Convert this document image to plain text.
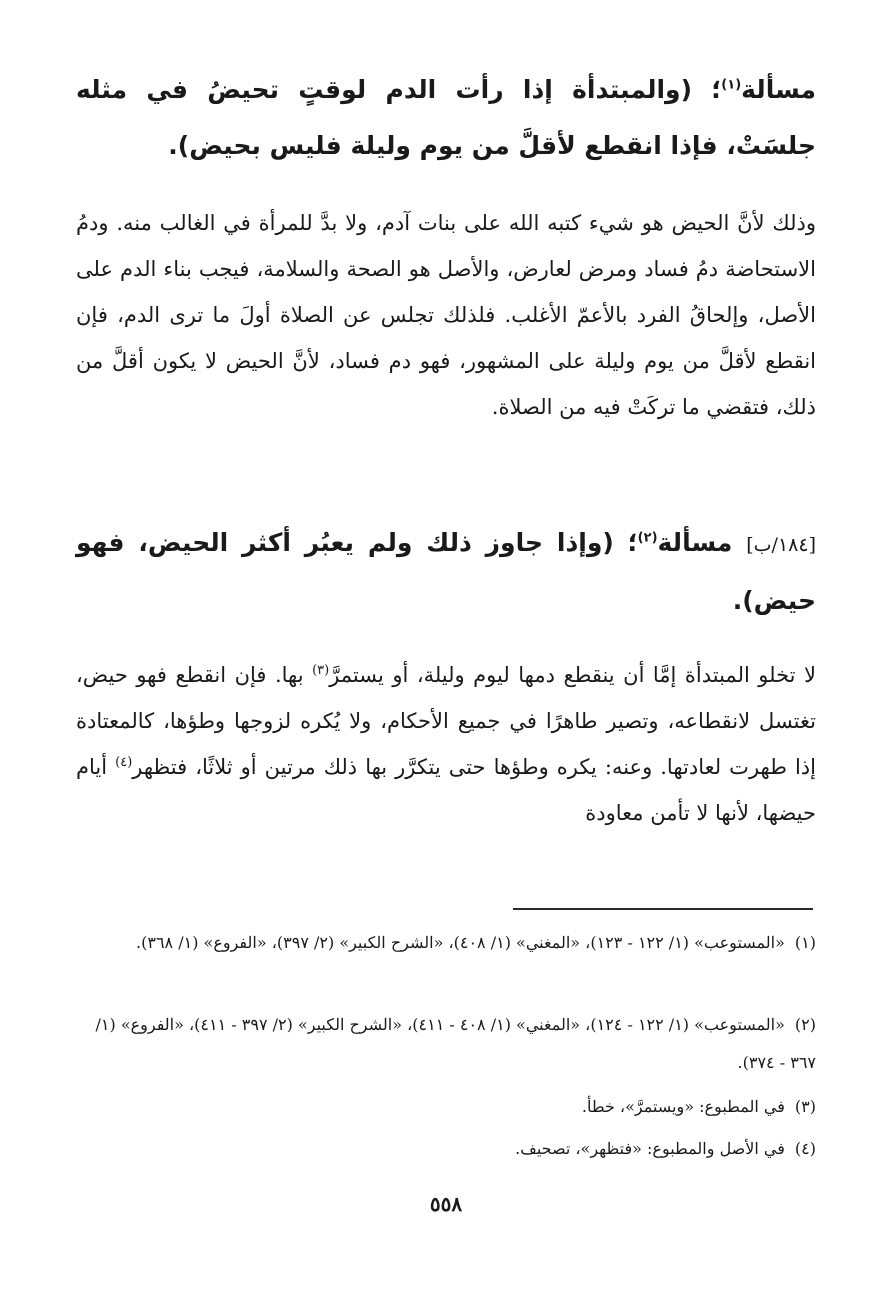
مسألة$^{(١)}$؛ (والمبتدأة إذا رأت الدم لوقتٍ تحيضُ في مثله جلسَتْ، فإذا انقطع لأقلَّ من يوم وليلة فليس بحيض).

وذلك لأنَّ الحيض هو شيء كتبه الله على بنات آدم، ولا بدَّ للمرأة في الغالب منه. ودمُ الاستحاضة دمُ فساد ومرض لعارض، والأصل هو الصحة والسلامة، فيجب بناء الدم على الأصل، وإلحاقُ الفرد بالأعمّ الأغلب. فلذلك تجلس عن الصلاة أولَ ما ترى الدم، فإن انقطع لأقلَّ من يوم وليلة على المشهور، فهو دم فساد، لأنَّ الحيض لا يكون أقلَّ من ذلك، فتقضي ما تركَتْ فيه من الصلاة.

[١٨٤/ب] مسألة$^{(٢)}$؛ (وإذا جاوز ذلك ولم يعبُر أكثر الحيض، فهو حيض).

لا تخلو المبتدأة إمَّا أن ينقطع دمها ليوم وليلة، أو يستمرَّ$^{(٣)}$ بها. فإن انقطع فهو حيض، تغتسل لانقطاعه، وتصير طاهرًا في جميع الأحكام، ولا يُكره لزوجها وطؤها، كالمعتادة إذا طهرت لعادتها. وعنه: يكره وطؤها حتى يتكرَّر بها ذلك مرتين أو ثلاثًا، فتظهر$^{(٤)}$ أيام حيضها، لأنها لا تأمن معاودة

(١)«المستوعب» (١/ ١٢٢ - ١٢٣)، «المغني» (١/ ٤٠٨)، «الشرح الكبير» (٢/ ٣٩٧)، «الفروع» (١/ ٣٦٨).
(٢)«المستوعب» (١/ ١٢٢ - ١٢٤)، «المغني» (١/ ٤٠٨ - ٤١١)، «الشرح الكبير» (٢/ ٣٩٧ - ٤١١)، «الفروع» (١/ ٣٦٧ - ٣٧٤).
(٣)في المطبوع: «ويستمرَّ»، خطأ.
(٤)في الأصل والمطبوع: «فتظهر»، تصحيف.
٥٥٨
